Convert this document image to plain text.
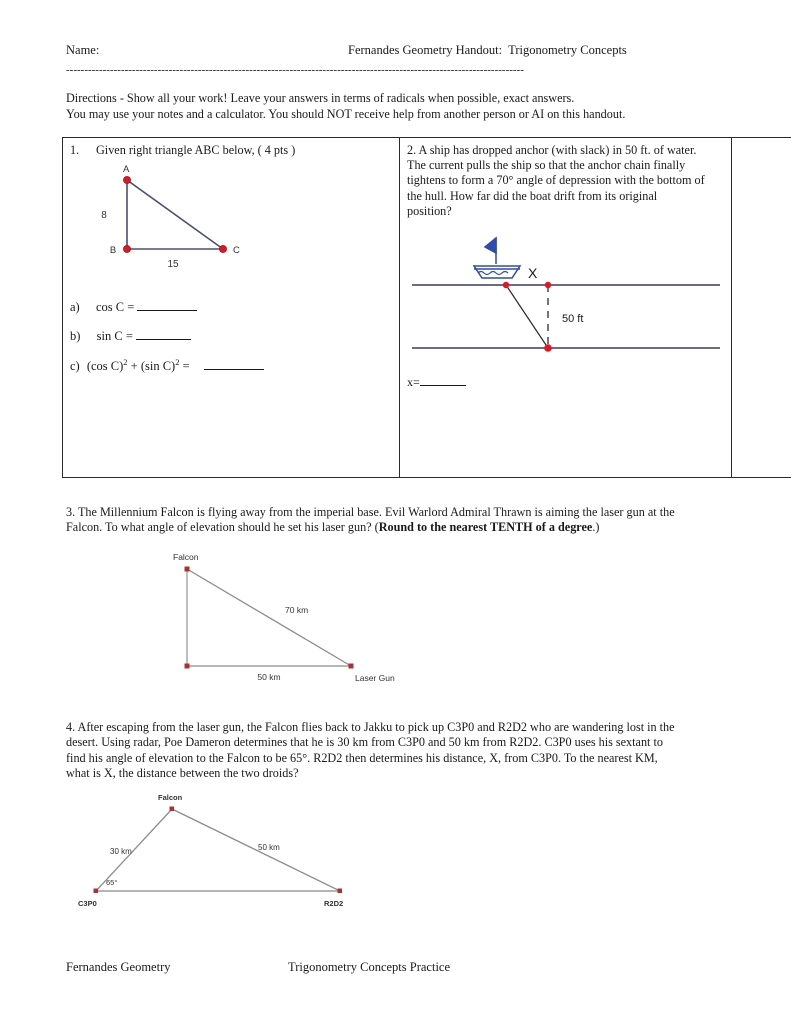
Name:	Fernandes Geometry Handout:  Trigonometry Concepts
-----------------------------------------------------------------------------------------------------------------------------
Directions - Show all your work! Leave your answers in terms of radicals when possible, exact answers.
You may use your notes and a calculator. You should NOT receive help from another person or AI on this handout.
1. Given right triangle ABC below, ( 4 pts )
A
B	C
8
15
a) cos C =
b) sin C =
c) (cos C)$^2$ + (sin C)$^2$ =
2. A ship has dropped anchor (with slack) in 50 ft. of water.
The current pulls the ship so that the anchor chain finally
tightens to form a 70° angle of depression with the bottom of
the hull. How far did the boat drift from its original
position?
X
50 ft
x=
3. The Millennium Falcon is flying away from the imperial base. Evil Warlord Admiral Thrawn is aiming the laser gun at the
Falcon. To what angle of elevation should he set his laser gun? (Round to the nearest TENTH of a degree.)
Falcon
Laser Gun
70 km
50 km
4. After escaping from the laser gun, the Falcon flies back to Jakku to pick up C3P0 and R2D2 who are wandering lost in the
desert. Using radar, Poe Dameron determines that he is 30 km from C3P0 and 50 km from R2D2. C3P0 uses his sextant to
find his angle of elevation to the Falcon to be 65°. R2D2 then determines his distance, X, from C3P0. To the nearest KM,
what is X, the distance between the two droids?
Falcon
C3P0	R2D2
30 km	50 km
65°
Fernandes Geometry	Trigonometry Concepts Practice
